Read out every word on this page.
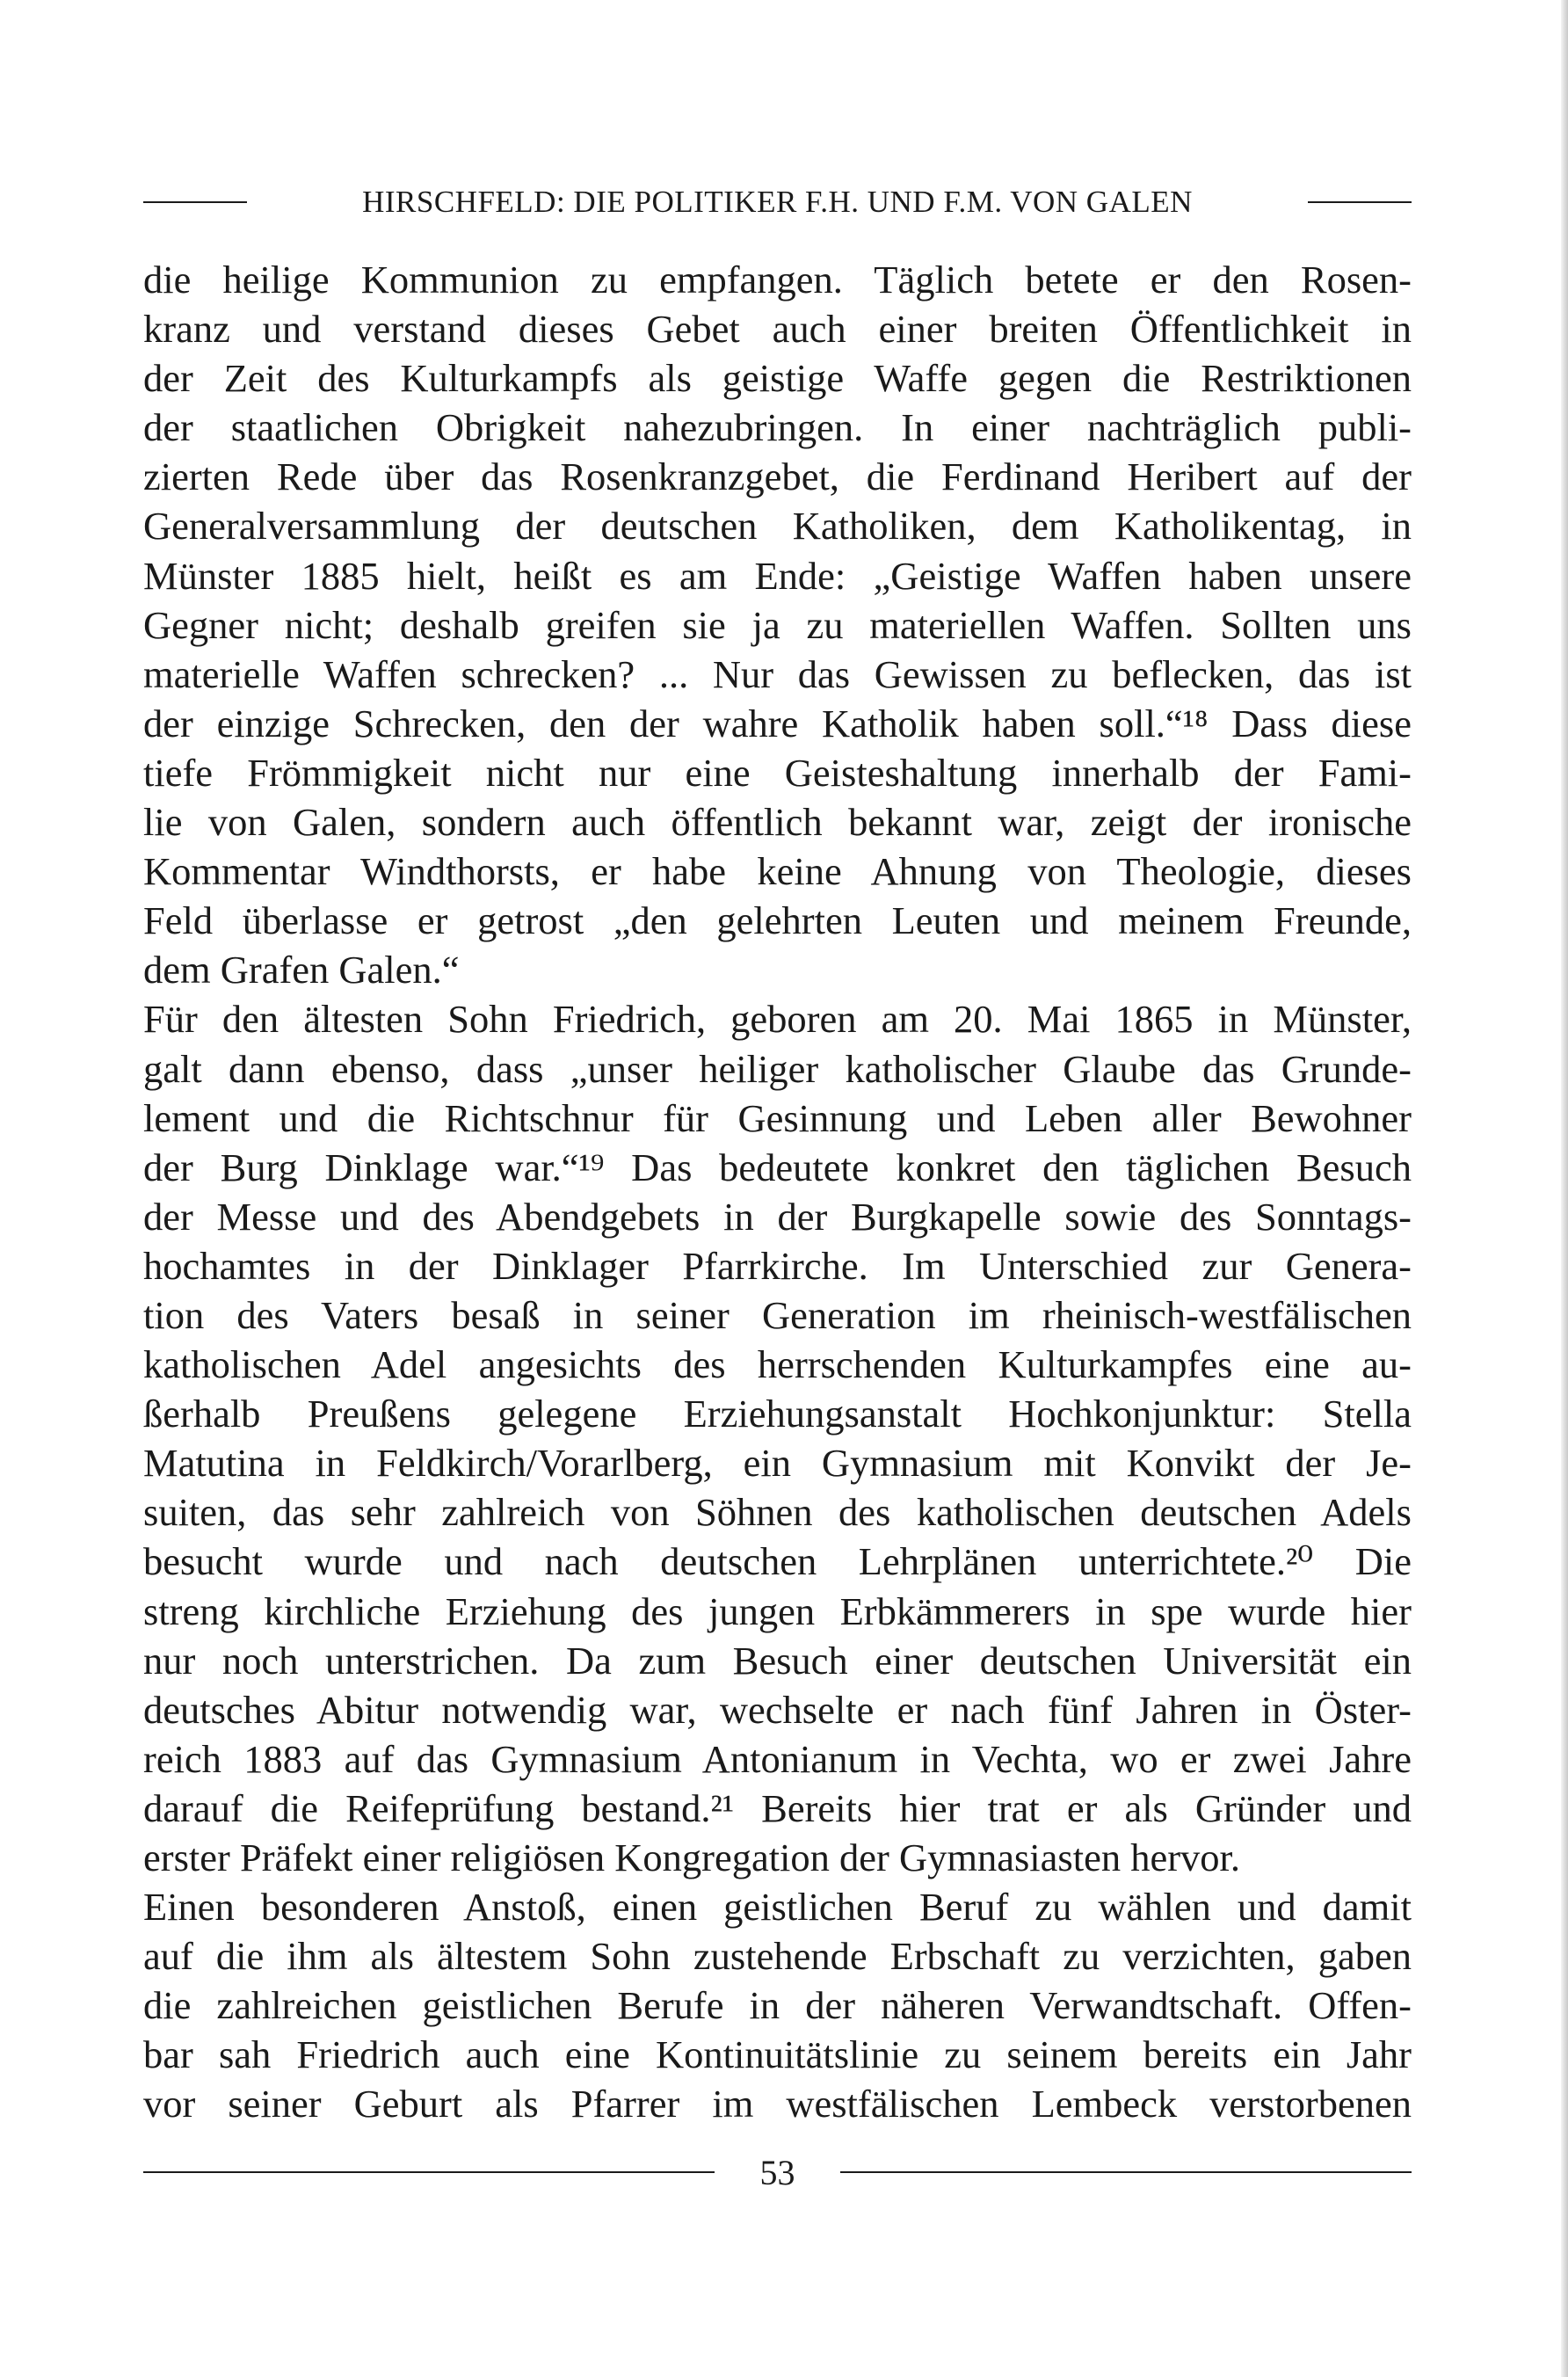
HIRSCHFELD: DIE POLITIKER F.H. UND F.M. VON GALEN
die heilige Kommunion zu empfangen. Täglich betete er den Rosen-
kranz und verstand dieses Gebet auch einer breiten Öffentlichkeit in
der Zeit des Kulturkampfs als geistige Waffe gegen die Restriktionen
der staatlichen Obrigkeit nahezubringen. In einer nachträglich publi-
zierten Rede über das Rosenkranzgebet, die Ferdinand Heribert auf der
Generalversammlung der deutschen Katholiken, dem Katholikentag, in
Münster 1885 hielt, heißt es am Ende: „Geistige Waffen haben unsere
Gegner nicht; deshalb greifen sie ja zu materiellen Waffen. Sollten uns
materielle Waffen schrecken? ... Nur das Gewissen zu beflecken, das ist
der einzige Schrecken, den der wahre Katholik haben soll.“¹⁸ Dass diese
tiefe Frömmigkeit nicht nur eine Geisteshaltung innerhalb der Fami-
lie von Galen, sondern auch öffentlich bekannt war, zeigt der ironische
Kommentar Windthorsts, er habe keine Ahnung von Theologie, dieses
Feld überlasse er getrost „den gelehrten Leuten und meinem Freunde,
dem Grafen Galen.“
Für den ältesten Sohn Friedrich, geboren am 20. Mai 1865 in Münster,
galt dann ebenso, dass „unser heiliger katholischer Glaube das Grunde-
lement und die Richtschnur für Gesinnung und Leben aller Bewohner
der Burg Dinklage war.“¹⁹ Das bedeutete konkret den täglichen Besuch
der Messe und des Abendgebets in der Burgkapelle sowie des Sonntags-
hochamtes in der Dinklager Pfarrkirche. Im Unterschied zur Genera-
tion des Vaters besaß in seiner Generation im rheinisch-westfälischen
katholischen Adel angesichts des herrschenden Kulturkampfes eine au-
ßerhalb Preußens gelegene Erziehungsanstalt Hochkonjunktur: Stella
Matutina in Feldkirch/Vorarlberg, ein Gymnasium mit Konvikt der Je-
suiten, das sehr zahlreich von Söhnen des katholischen deutschen Adels
besucht wurde und nach deutschen Lehrplänen unterrichtete.²⁰ Die
streng kirchliche Erziehung des jungen Erbkämmerers in spe wurde hier
nur noch unterstrichen. Da zum Besuch einer deutschen Universität ein
deutsches Abitur notwendig war, wechselte er nach fünf Jahren in Öster-
reich 1883 auf das Gymnasium Antonianum in Vechta, wo er zwei Jahre
darauf die Reifeprüfung bestand.²¹ Bereits hier trat er als Gründer und
erster Präfekt einer religiösen Kongregation der Gymnasiasten hervor.
Einen besonderen Anstoß, einen geistlichen Beruf zu wählen und damit
auf die ihm als ältestem Sohn zustehende Erbschaft zu verzichten, gaben
die zahlreichen geistlichen Berufe in der näheren Verwandtschaft. Offen-
bar sah Friedrich auch eine Kontinuitätslinie zu seinem bereits ein Jahr
vor seiner Geburt als Pfarrer im westfälischen Lembeck verstorbenen
53
